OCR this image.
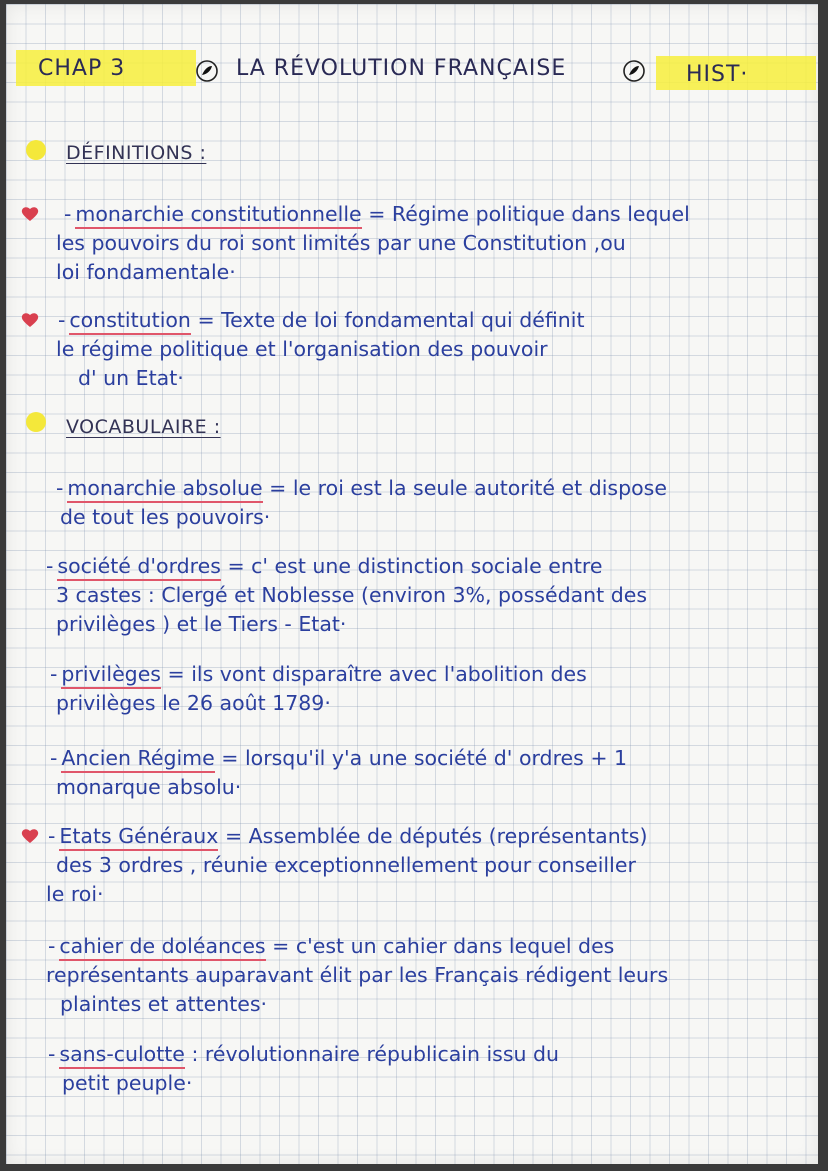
CHAP 3	LA RÉVOLUTION FRANÇAISE	HIST·
DÉFINITIONS :
- monarchie constitutionnelle = Régime politique dans lequel
les pouvoirs du roi sont limités par une Constitution ,ou
loi fondamentale·
- constitution = Texte de loi fondamental qui définit
le régime politique et l'organisation des pouvoir
d' un Etat·
VOCABULAIRE :
- monarchie absolue = le roi est la seule autorité et dispose
de tout les pouvoirs·
- société d'ordres = c' est une distinction sociale entre
3 castes : Clergé et Noblesse (environ 3%, possédant des
privilèges ) et le Tiers - Etat·
- privilèges = ils vont disparaître avec l'abolition des
privilèges le 26 août 1789·
- Ancien Régime = lorsqu'il y'a une société d' ordres + 1
monarque absolu·
- Etats Généraux = Assemblée de députés (représentants)
des 3 ordres , réunie exceptionnellement pour conseiller
le roi·
- cahier de doléances = c'est un cahier dans lequel des
représentants auparavant élit par les Français rédigent leurs
plaintes et attentes·
- sans-culotte : révolutionnaire républicain issu du
petit peuple·
